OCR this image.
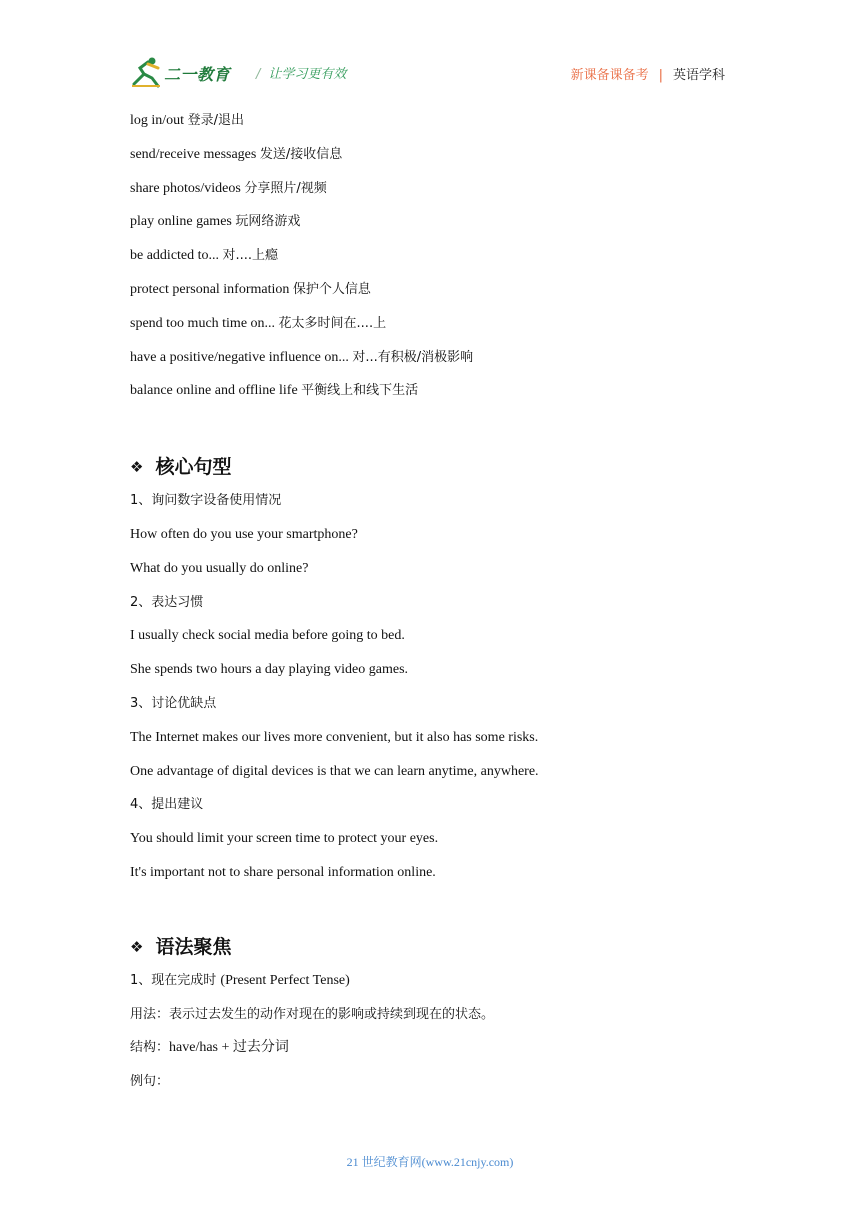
二一教育 / 让学习更有效	新课备课备考 | 英语学科
log in/out 登录/退出
send/receive messages 发送/接收信息
share photos/videos 分享照片/视频
play online games 玩网络游戏
be addicted to... 对....上瘾
protect personal information 保护个人信息
spend too much time on... 花太多时间在....上
have a positive/negative influence on... 对...有积极/消极影响
balance online and offline life 平衡线上和线下生活
❖ 核心句型
1、询问数字设备使用情况
How often do you use your smartphone?
What do you usually do online?
2、表达习惯
I usually check social media before going to bed.
She spends two hours a day playing video games.
3、讨论优缺点
The Internet makes our lives more convenient, but it also has some risks.
One advantage of digital devices is that we can learn anytime, anywhere.
4、提出建议
You should limit your screen time to protect your eyes.
It's important not to share personal information online.
❖ 语法聚焦
1、现在完成时 (Present Perfect Tense)
用法：表示过去发生的动作对现在的影响或持续到现在的状态。
结构：have/has + 过去分词
例句：
21 世纪教育网(www.21cnjy.com)
